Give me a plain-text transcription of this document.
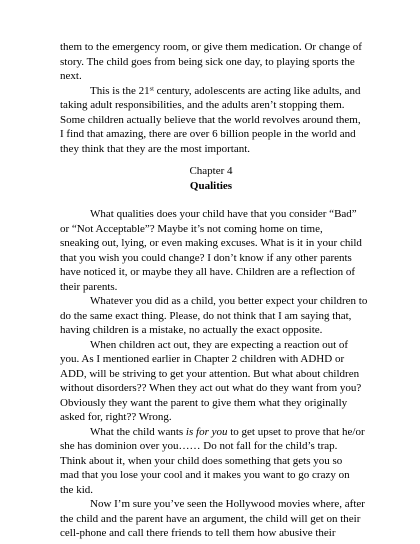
them to the emergency room, or give them medication. Or change of
story. The child goes from being sick one day, to playing sports the
next.
This is the 21st century, adolescents are acting like adults, and
taking adult responsibilities, and the adults aren’t stopping them.
Some children actually believe that the world revolves around them,
I find that amazing, there are over 6 billion people in the world and
they think that they are the most important.
Chapter 4
Qualities
What qualities does your child have that you consider “Bad”
or “Not Acceptable”? Maybe it’s not coming home on time,
sneaking out, lying, or even making excuses. What is it in your child
that you wish you could change? I don’t know if any other parents
have noticed it, or maybe they all have. Children are a reflection of
their parents.
Whatever you did as a child, you better expect your children to
do the same exact thing. Please, do not think that I am saying that,
having children is a mistake, no actually the exact opposite.
When children act out, they are expecting a reaction out of
you. As I mentioned earlier in Chapter 2 children with ADHD or
ADD, will be striving to get your attention. But what about children
without disorders?? When they act out what do they want from you?
Obviously they want the parent to give them what they originally
asked for, right?? Wrong.
What the child wants is for you to get upset to prove that he/or
she has dominion over you…… Do not fall for the child’s trap.
Think about it, when your child does something that gets you so
mad that you lose your cool and it makes you want to go crazy on
the kid.
Now I’m sure you’ve seen the Hollywood movies where, after
the child and the parent have an argument, the child will get on their
cell-phone and call there friends to tell them how abusive their
